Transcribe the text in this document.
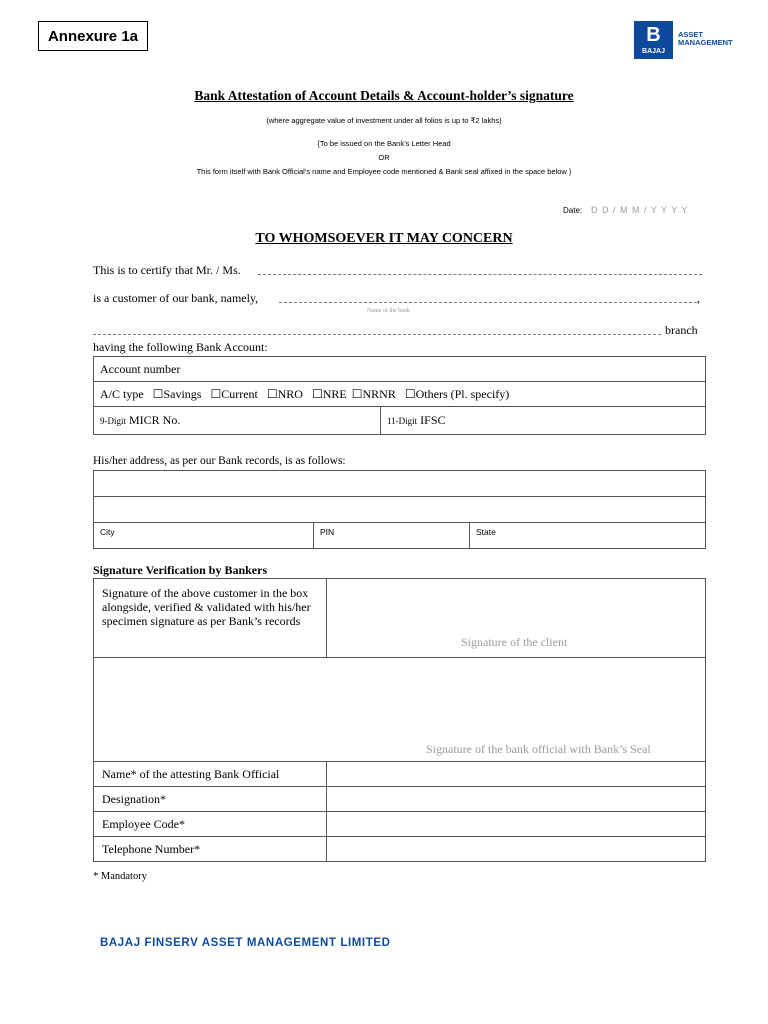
Annexure 1a	B
BAJAJ
ASSET
MANAGEMENT
Bank Attestation of Account Details & Account-holder’s signature
(where aggregate value of investment under all folios is up to ₹2 lakhs)
{To be issued on the Bank’s Letter Head
OR
This form itself with Bank Official’s name and Employee code mentioned & Bank seal affixed in the space below }
Date: D D / M M / Y Y Y Y
TO WHOMSOEVER IT MAY CONCERN
This is to certify that Mr. / Ms.
is a customer of our bank, namely,	,
Name of the bank
branch
having the following Bank Account:
Account number
A/C type ☐Savings ☐Current ☐NRO ☐NRE ☐NRNR ☐Others (Pl. specify)
9-Digit MICR No.	11-Digit IFSC
His/her address, as per our Bank records, is as follows:

City	PIN	State
Signature Verification by Bankers
Signature of the above customer in the box alongside, verified & validated with his/her specimen signature as per Bank’s records	Signature of the client

Signature of the bank official with Bank’s Seal	

Name* of the attesting Bank Official	
Designation*	
Employee Code*	
Telephone Number*	
* Mandatory
BAJAJ FINSERV ASSET MANAGEMENT LIMITED
